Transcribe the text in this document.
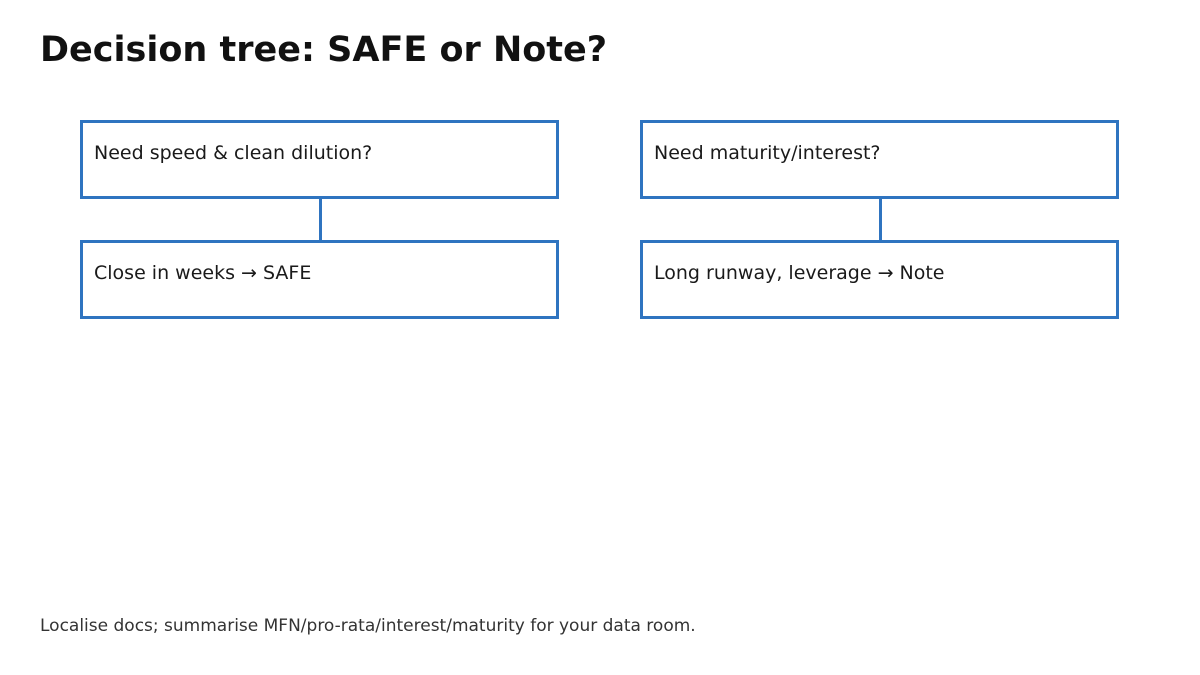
Decision tree: SAFE or Note?
Need speed & clean dilution?
Close in weeks → SAFE
Need maturity/interest?
Long runway, leverage → Note

Localise docs; summarise MFN/pro-rata/interest/maturity for your data room.
